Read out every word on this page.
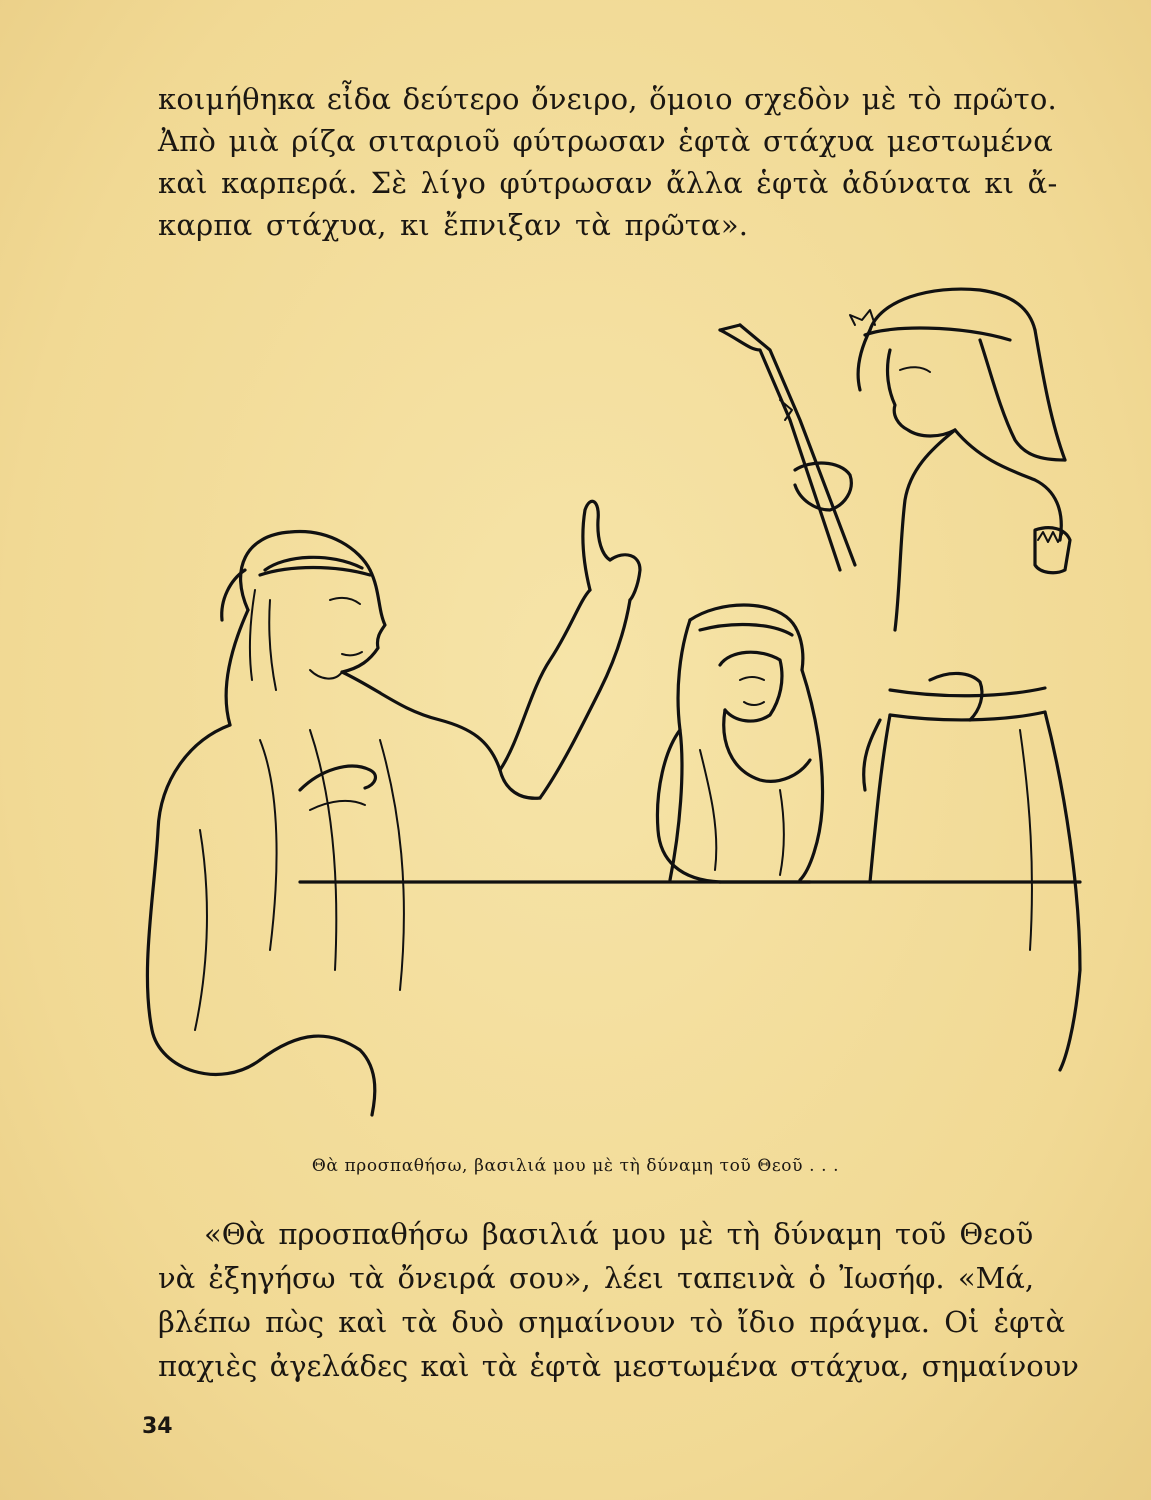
κοιμήθηκα εἶδα δεύτερο ὄνειρο, ὅμοιο σχεδὸν μὲ τὸ πρῶτο.
Ἀπὸ μιὰ ρίζα σιταριοῦ φύτρωσαν ἑφτὰ στάχυα μεστωμένα
καὶ καρπερά. Σὲ λίγο φύτρωσαν ἄλλα ἑφτὰ ἀδύνατα κι ἄ-
καρπα στάχυα, κι ἔπνιξαν τὰ πρῶτα».
Θὰ προσπαθήσω, βασιλιά μου μὲ τὴ δύναμη τοῦ Θεοῦ . . .
«Θὰ προσπαθήσω βασιλιά μου μὲ τὴ δύναμη τοῦ Θεοῦ
νὰ ἐξηγήσω τὰ ὄνειρά σου», λέει ταπεινὰ ὁ Ἰωσήφ. «Μά,
βλέπω πὼς καὶ τὰ δυὸ σημαίνουν τὸ ἴδιο πράγμα. Οἱ ἑφτὰ
παχιὲς ἀγελάδες καὶ τὰ ἑφτὰ μεστωμένα στάχυα, σημαίνουν
34
